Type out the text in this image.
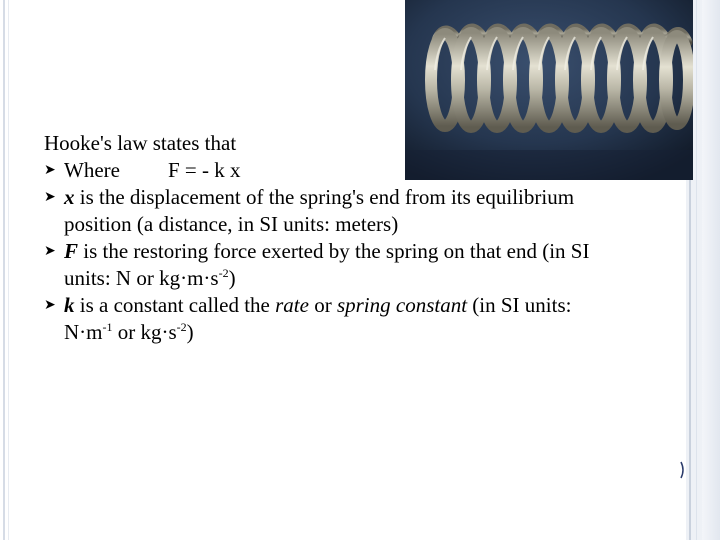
Hooke's law states that
➤ Where F = - k x
➤ x is the displacement of the spring's end from its equilibrium
position (a distance, in SI units: meters)
➤ F is the restoring force exerted by the spring on that end (in SI
units: N or $kg\cdot m\cdot s^{-2}$)
➤ k is a constant called the rate or spring constant (in SI units:
$N\cdot m^{-1}$ or $kg\cdot s^{-2}$)
